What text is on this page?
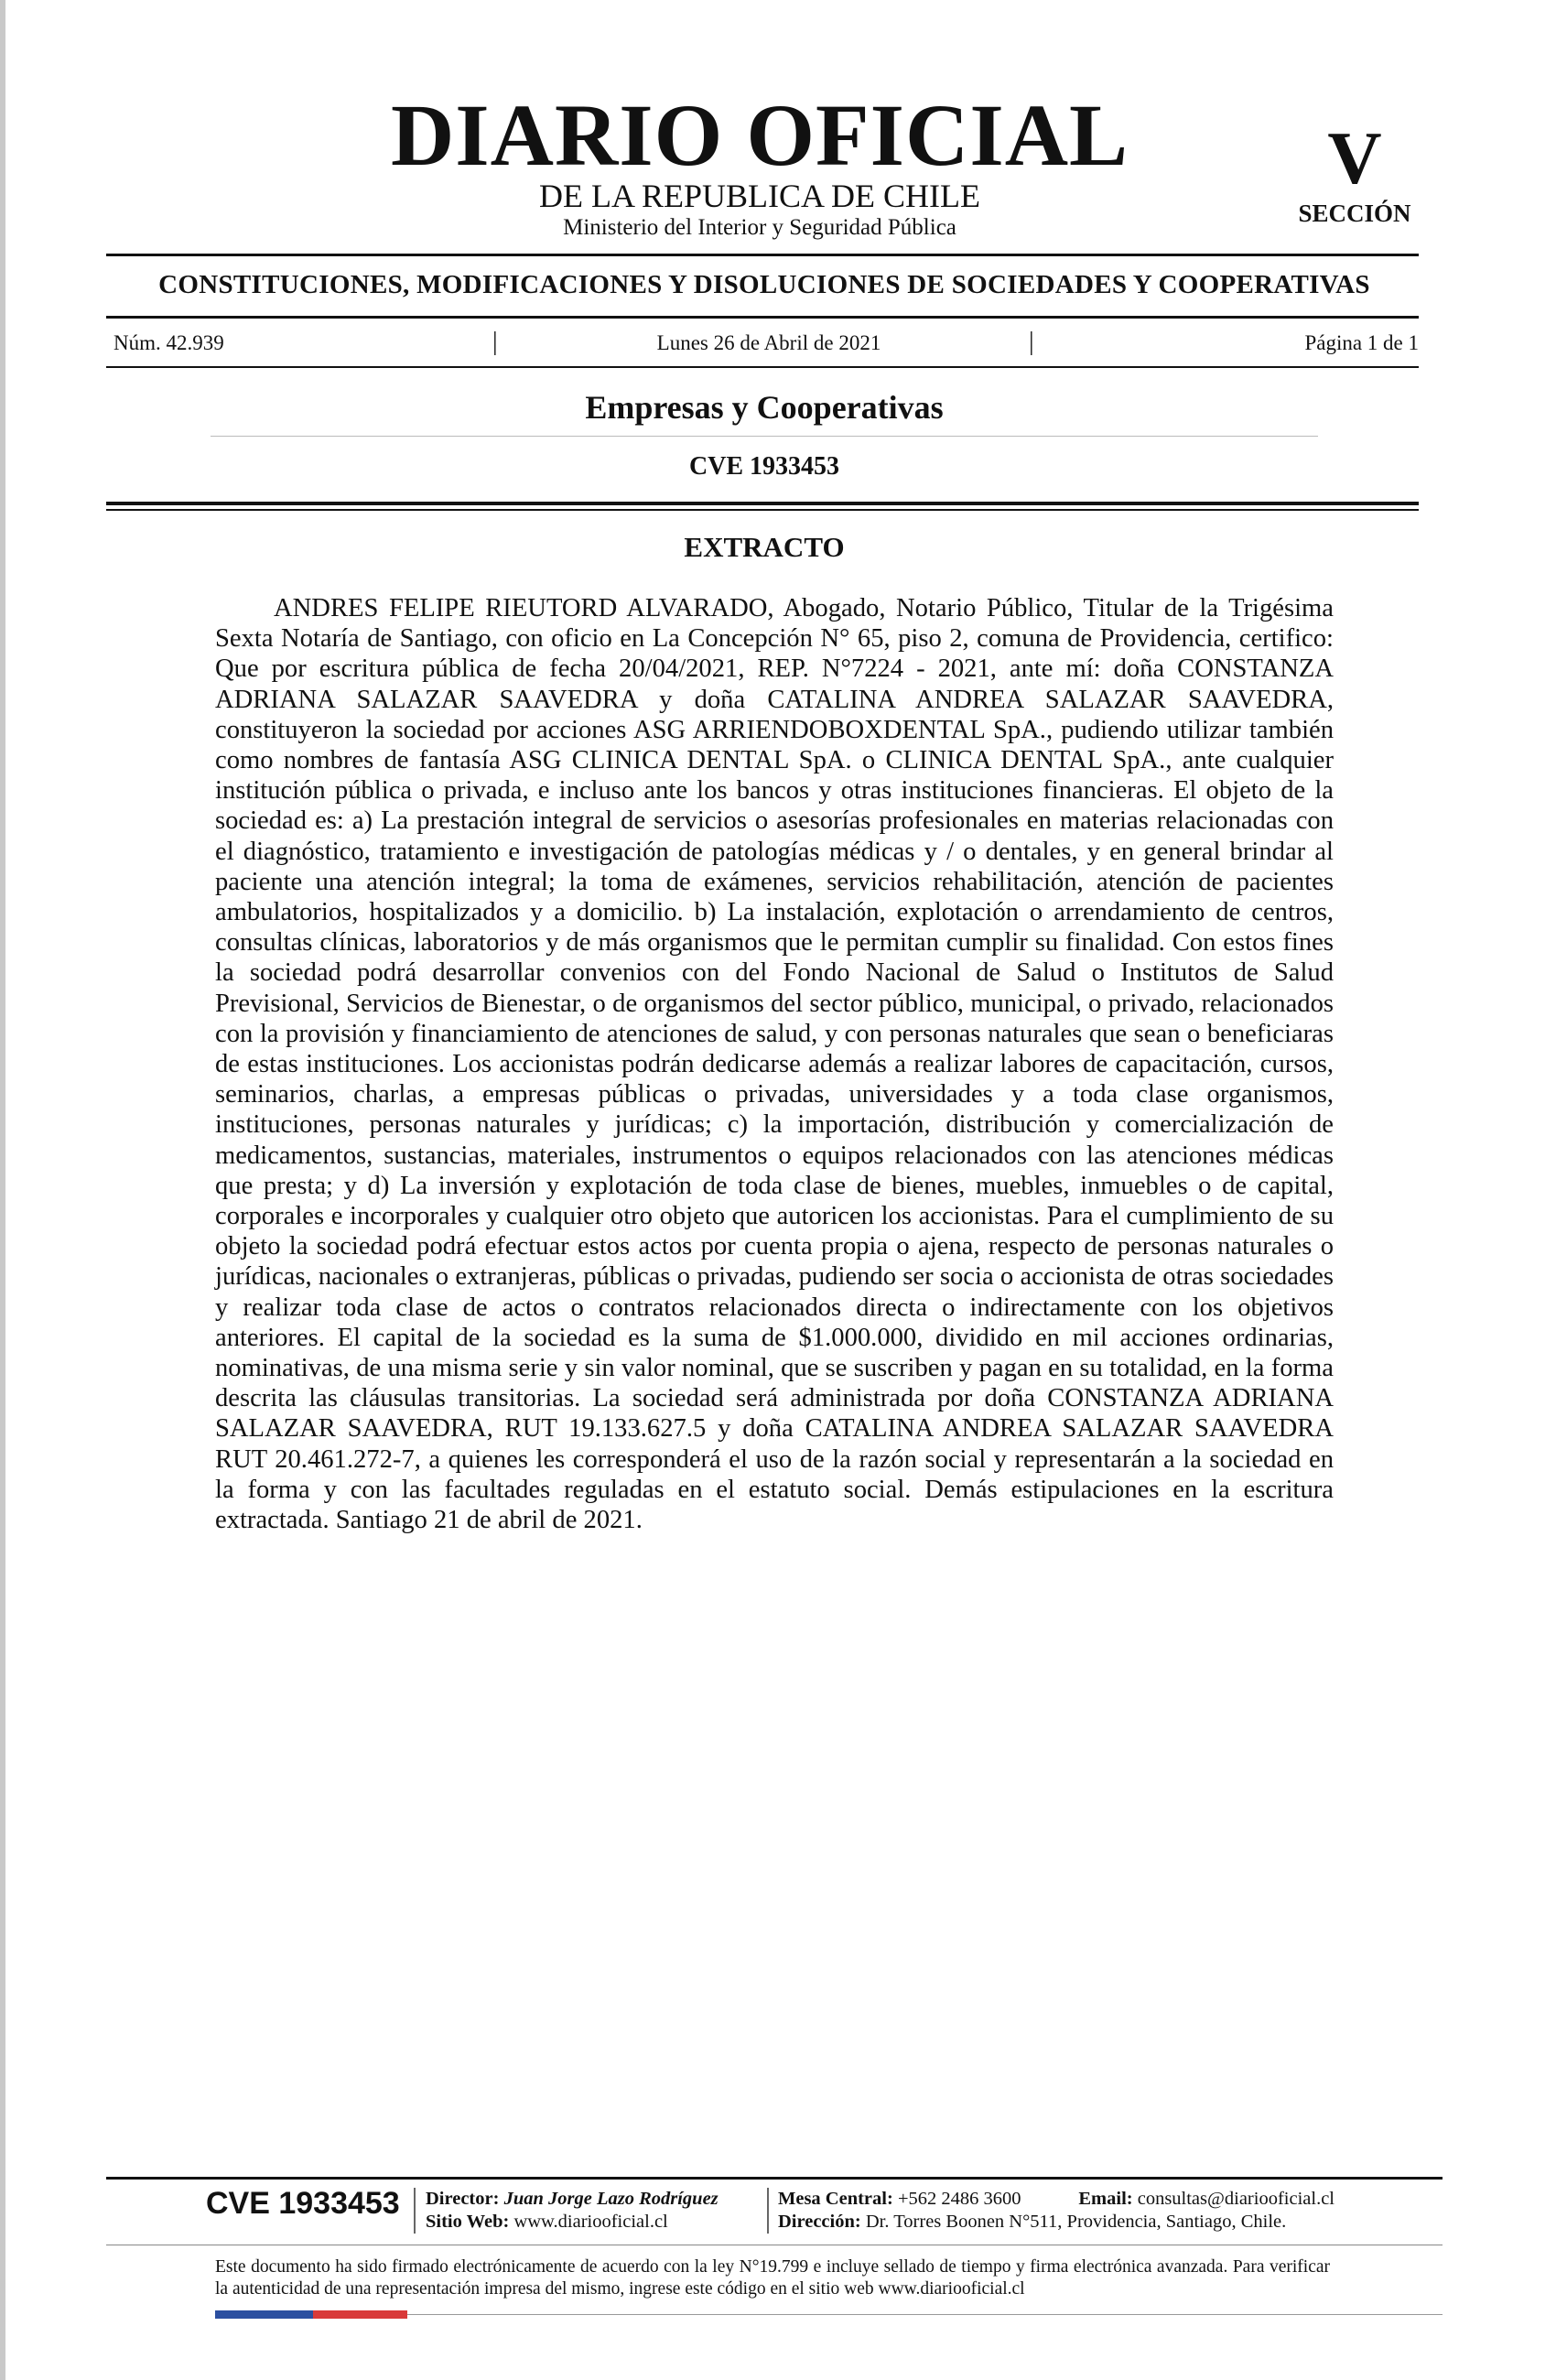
DIARIO OFICIAL
DE LA REPUBLICA DE CHILE
Ministerio del Interior y Seguridad Pública
V
SECCIÓN
CONSTITUCIONES, MODIFICACIONES Y DISOLUCIONES DE SOCIEDADES Y COOPERATIVAS
Núm. 42.939	|	Lunes 26 de Abril de 2021	|	Página 1 de 1
Empresas y Cooperativas
CVE 1933453
EXTRACTO

ANDRES FELIPE RIEUTORD ALVARADO, Abogado, Notario Público, Titular de la Trigésima Sexta Notaría de Santiago, con oficio en La Concepción N° 65, piso 2, comuna de Providencia, certifico: Que por escritura pública de fecha 20/04/2021, REP. N°7224 - 2021, ante mí: doña CONSTANZA ADRIANA SALAZAR SAAVEDRA y doña CATALINA ANDREA SALAZAR SAAVEDRA, constituyeron la sociedad por acciones ASG ARRIENDOBOXDENTAL SpA., pudiendo utilizar también como nombres de fantasía ASG CLINICA DENTAL SpA. o CLINICA DENTAL SpA., ante cualquier institución pública o privada, e incluso ante los bancos y otras instituciones financieras. El objeto de la sociedad es: a) La prestación integral de servicios o asesorías profesionales en materias relacionadas con el diagnóstico, tratamiento e investigación de patologías médicas y / o dentales, y en general brindar al paciente una atención integral; la toma de exámenes, servicios rehabilitación, atención de pacientes ambulatorios, hospitalizados y a domicilio. b) La instalación, explotación o arrendamiento de centros, consultas clínicas, laboratorios y de más organismos que le permitan cumplir su finalidad. Con estos fines la sociedad podrá desarrollar convenios con del Fondo Nacional de Salud o Institutos de Salud Previsional, Servicios de Bienestar, o de organismos del sector público, municipal, o privado, relacionados con la provisión y financiamiento de atenciones de salud, y con personas naturales que sean o beneficiaras de estas instituciones. Los accionistas podrán dedicarse además a realizar labores de capacitación, cursos, seminarios, charlas, a empresas públicas o privadas, universidades y a toda clase organismos, instituciones, personas naturales y jurídicas; c) la importación, distribución y comercialización de medicamentos, sustancias, materiales, instrumentos o equipos relacionados con las atenciones médicas que presta; y d) La inversión y explotación de toda clase de bienes, muebles, inmuebles o de capital, corporales e incorporales y cualquier otro objeto que autoricen los accionistas. Para el cumplimiento de su objeto la sociedad podrá efectuar estos actos por cuenta propia o ajena, respecto de personas naturales o jurídicas, nacionales o extranjeras, públicas o privadas, pudiendo ser socia o accionista de otras sociedades y realizar toda clase de actos o contratos relacionados directa o indirectamente con los objetivos anteriores. El capital de la sociedad es la suma de $1.000.000, dividido en mil acciones ordinarias, nominativas, de una misma serie y sin valor nominal, que se suscriben y pagan en su totalidad, en la forma descrita las cláusulas transitorias. La sociedad será administrada por doña CONSTANZA ADRIANA SALAZAR SAAVEDRA, RUT 19.133.627.5 y doña CATALINA ANDREA SALAZAR SAAVEDRA RUT 20.461.272-7, a quienes les corresponderá el uso de la razón social y representarán a la sociedad en la forma y con las facultades reguladas en el estatuto social. Demás estipulaciones en la escritura extractada. Santiago 21 de abril de 2021.

CVE 1933453 Director: Juan Jorge Lazo Rodríguez
Sitio Web: www.diariooficial.cl
Mesa Central: +562 2486 3600	Email: consultas@diariooficial.cl
Dirección: Dr. Torres Boonen N°511, Providencia, Santiago, Chile.

Este documento ha sido firmado electrónicamente de acuerdo con la ley N°19.799 e incluye sellado de tiempo y firma electrónica avanzada. Para verificar la autenticidad de una representación impresa del mismo, ingrese este código en el sitio web www.diariooficial.cl
